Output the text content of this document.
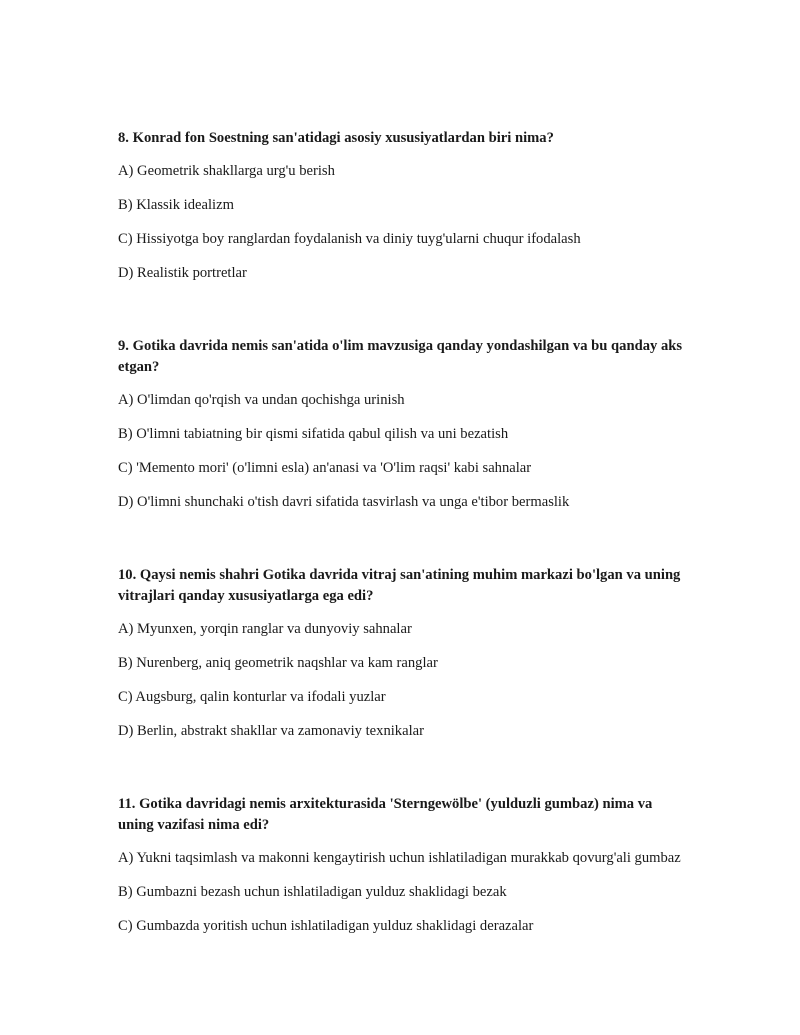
8. Konrad fon Soestning san'atidagi asosiy xususiyatlardan biri nima?

A) Geometrik shakllarga urg'u berish

B) Klassik idealizm

C) Hissiyotga boy ranglardan foydalanish va diniy tuyg'ularni chuqur ifodalash

D) Realistik portretlar

9. Gotika davrida nemis san'atida o'lim mavzusiga qanday yondashilgan va bu qanday aks etgan?

A) O'limdan qo'rqish va undan qochishga urinish

B) O'limni tabiatning bir qismi sifatida qabul qilish va uni bezatish

C) 'Memento mori' (o'limni esla) an'anasi va 'O'lim raqsi' kabi sahnalar

D) O'limni shunchaki o'tish davri sifatida tasvirlash va unga e'tibor bermaslik

10. Qaysi nemis shahri Gotika davrida vitraj san'atining muhim markazi bo'lgan va uning vitrajlari qanday xususiyatlarga ega edi?

A) Myunxen, yorqin ranglar va dunyoviy sahnalar

B) Nurenberg, aniq geometrik naqshlar va kam ranglar

C) Augsburg, qalin konturlar va ifodali yuzlar

D) Berlin, abstrakt shakllar va zamonaviy texnikalar

11. Gotika davridagi nemis arxitekturasida 'Sterngewölbe' (yulduzli gumbaz) nima va uning vazifasi nima edi?

A) Yukni taqsimlash va makonni kengaytirish uchun ishlatiladigan murakkab qovurg'ali gumbaz

B) Gumbazni bezash uchun ishlatiladigan yulduz shaklidagi bezak

C) Gumbazda yoritish uchun ishlatiladigan yulduz shaklidagi derazalar
